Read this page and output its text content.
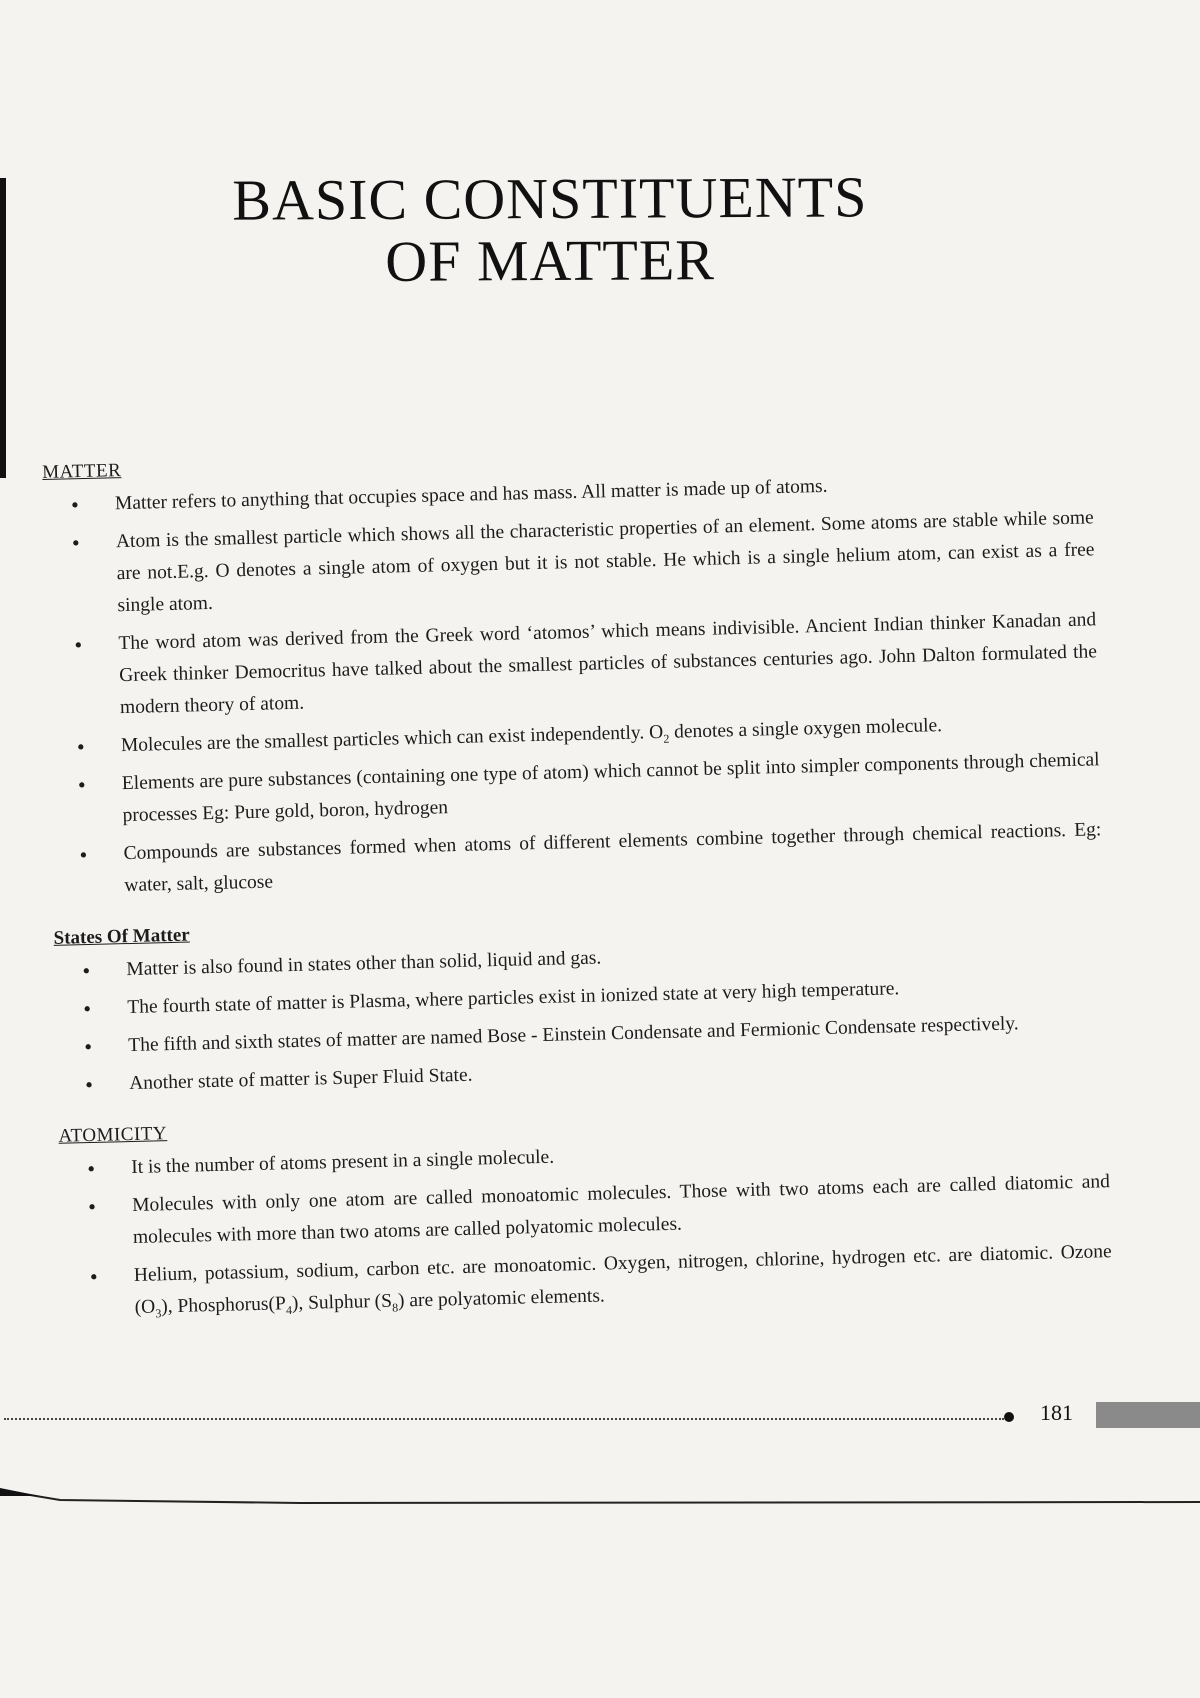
BASIC CONSTITUENTS
OF MATTER
MATTER
• Matter refers to anything that occupies space and has mass. All matter is made up of atoms.
• Atom is the smallest particle which shows all the characteristic properties of an element. Some atoms are stable while some are not.E.g. O denotes a single atom of oxygen but it is not stable. He which is a single helium atom, can exist as a free single atom.
• The word atom was derived from the Greek word ‘atomos’ which means indivisible. Ancient Indian thinker Kanadan and Greek thinker Democritus have talked about the smallest particles of substances centuries ago. John Dalton formulated the modern theory of atom.
• Molecules are the smallest particles which can exist independently. $O_2$ denotes a single oxygen molecule.
• Elements are pure substances (containing one type of atom) which cannot be split into simpler components through chemical processes Eg: Pure gold, boron, hydrogen
• Compounds are substances formed when atoms of different elements combine together through chemical reactions. Eg: water, salt, glucose
States Of Matter
• Matter is also found in states other than solid, liquid and gas.
• The fourth state of matter is Plasma, where particles exist in ionized state at very high temperature.
• The fifth and sixth states of matter are named Bose - Einstein Condensate and Fermionic Condensate respectively.
• Another state of matter is Super Fluid State.
ATOMICITY
• It is the number of atoms present in a single molecule.
• Molecules with only one atom are called monoatomic molecules. Those with two atoms each are called diatomic and molecules with more than two atoms are called polyatomic molecules.
• Helium, potassium, sodium, carbon etc. are monoatomic. Oxygen, nitrogen, chlorine, hydrogen etc. are diatomic. Ozone $(O_3)$, $Phosphorus(P_4)$, Sulphur $(S_8)$ are polyatomic elements.
181
